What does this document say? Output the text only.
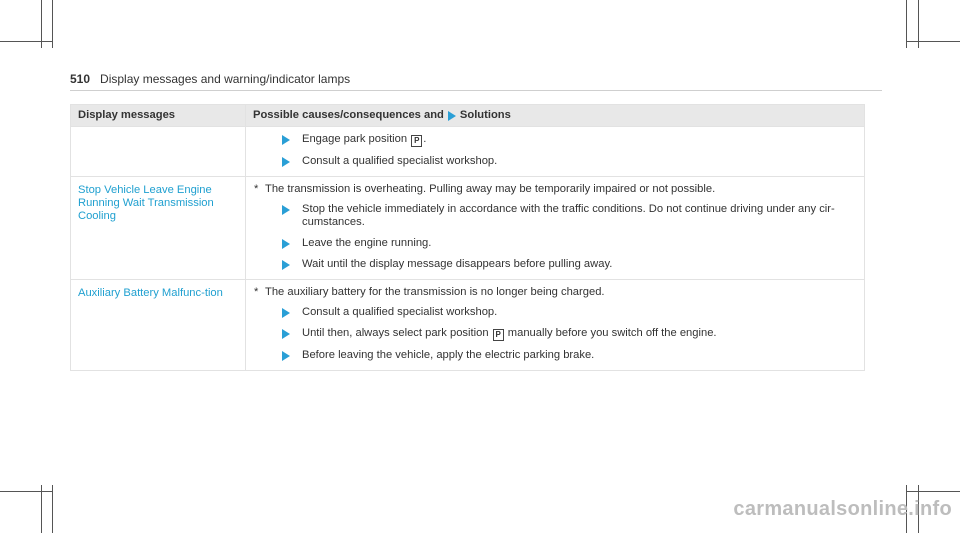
510 Display messages and warning/indicator lamps
Display messages	Possible causes/consequences and Solutions

	Engage park position P .
Consult a qualified specialist workshop.

Stop Vehicle Leave Engine Running Wait Transmission Cooling	* The transmission is overheating. Pulling away may be temporarily impaired or not possible.
Stop the vehicle immediately in accordance with the traffic conditions. Do not continue driving under any cir-cumstances.
Leave the engine running.
Wait until the display message disappears before pulling away.

Auxiliary Battery Malfunc-tion	* The auxiliary battery for the transmission is no longer being charged.
Consult a qualified specialist workshop.
Until then, always select park position P manually before you switch off the engine.
Before leaving the vehicle, apply the electric parking brake.
carmanualsonline.info
